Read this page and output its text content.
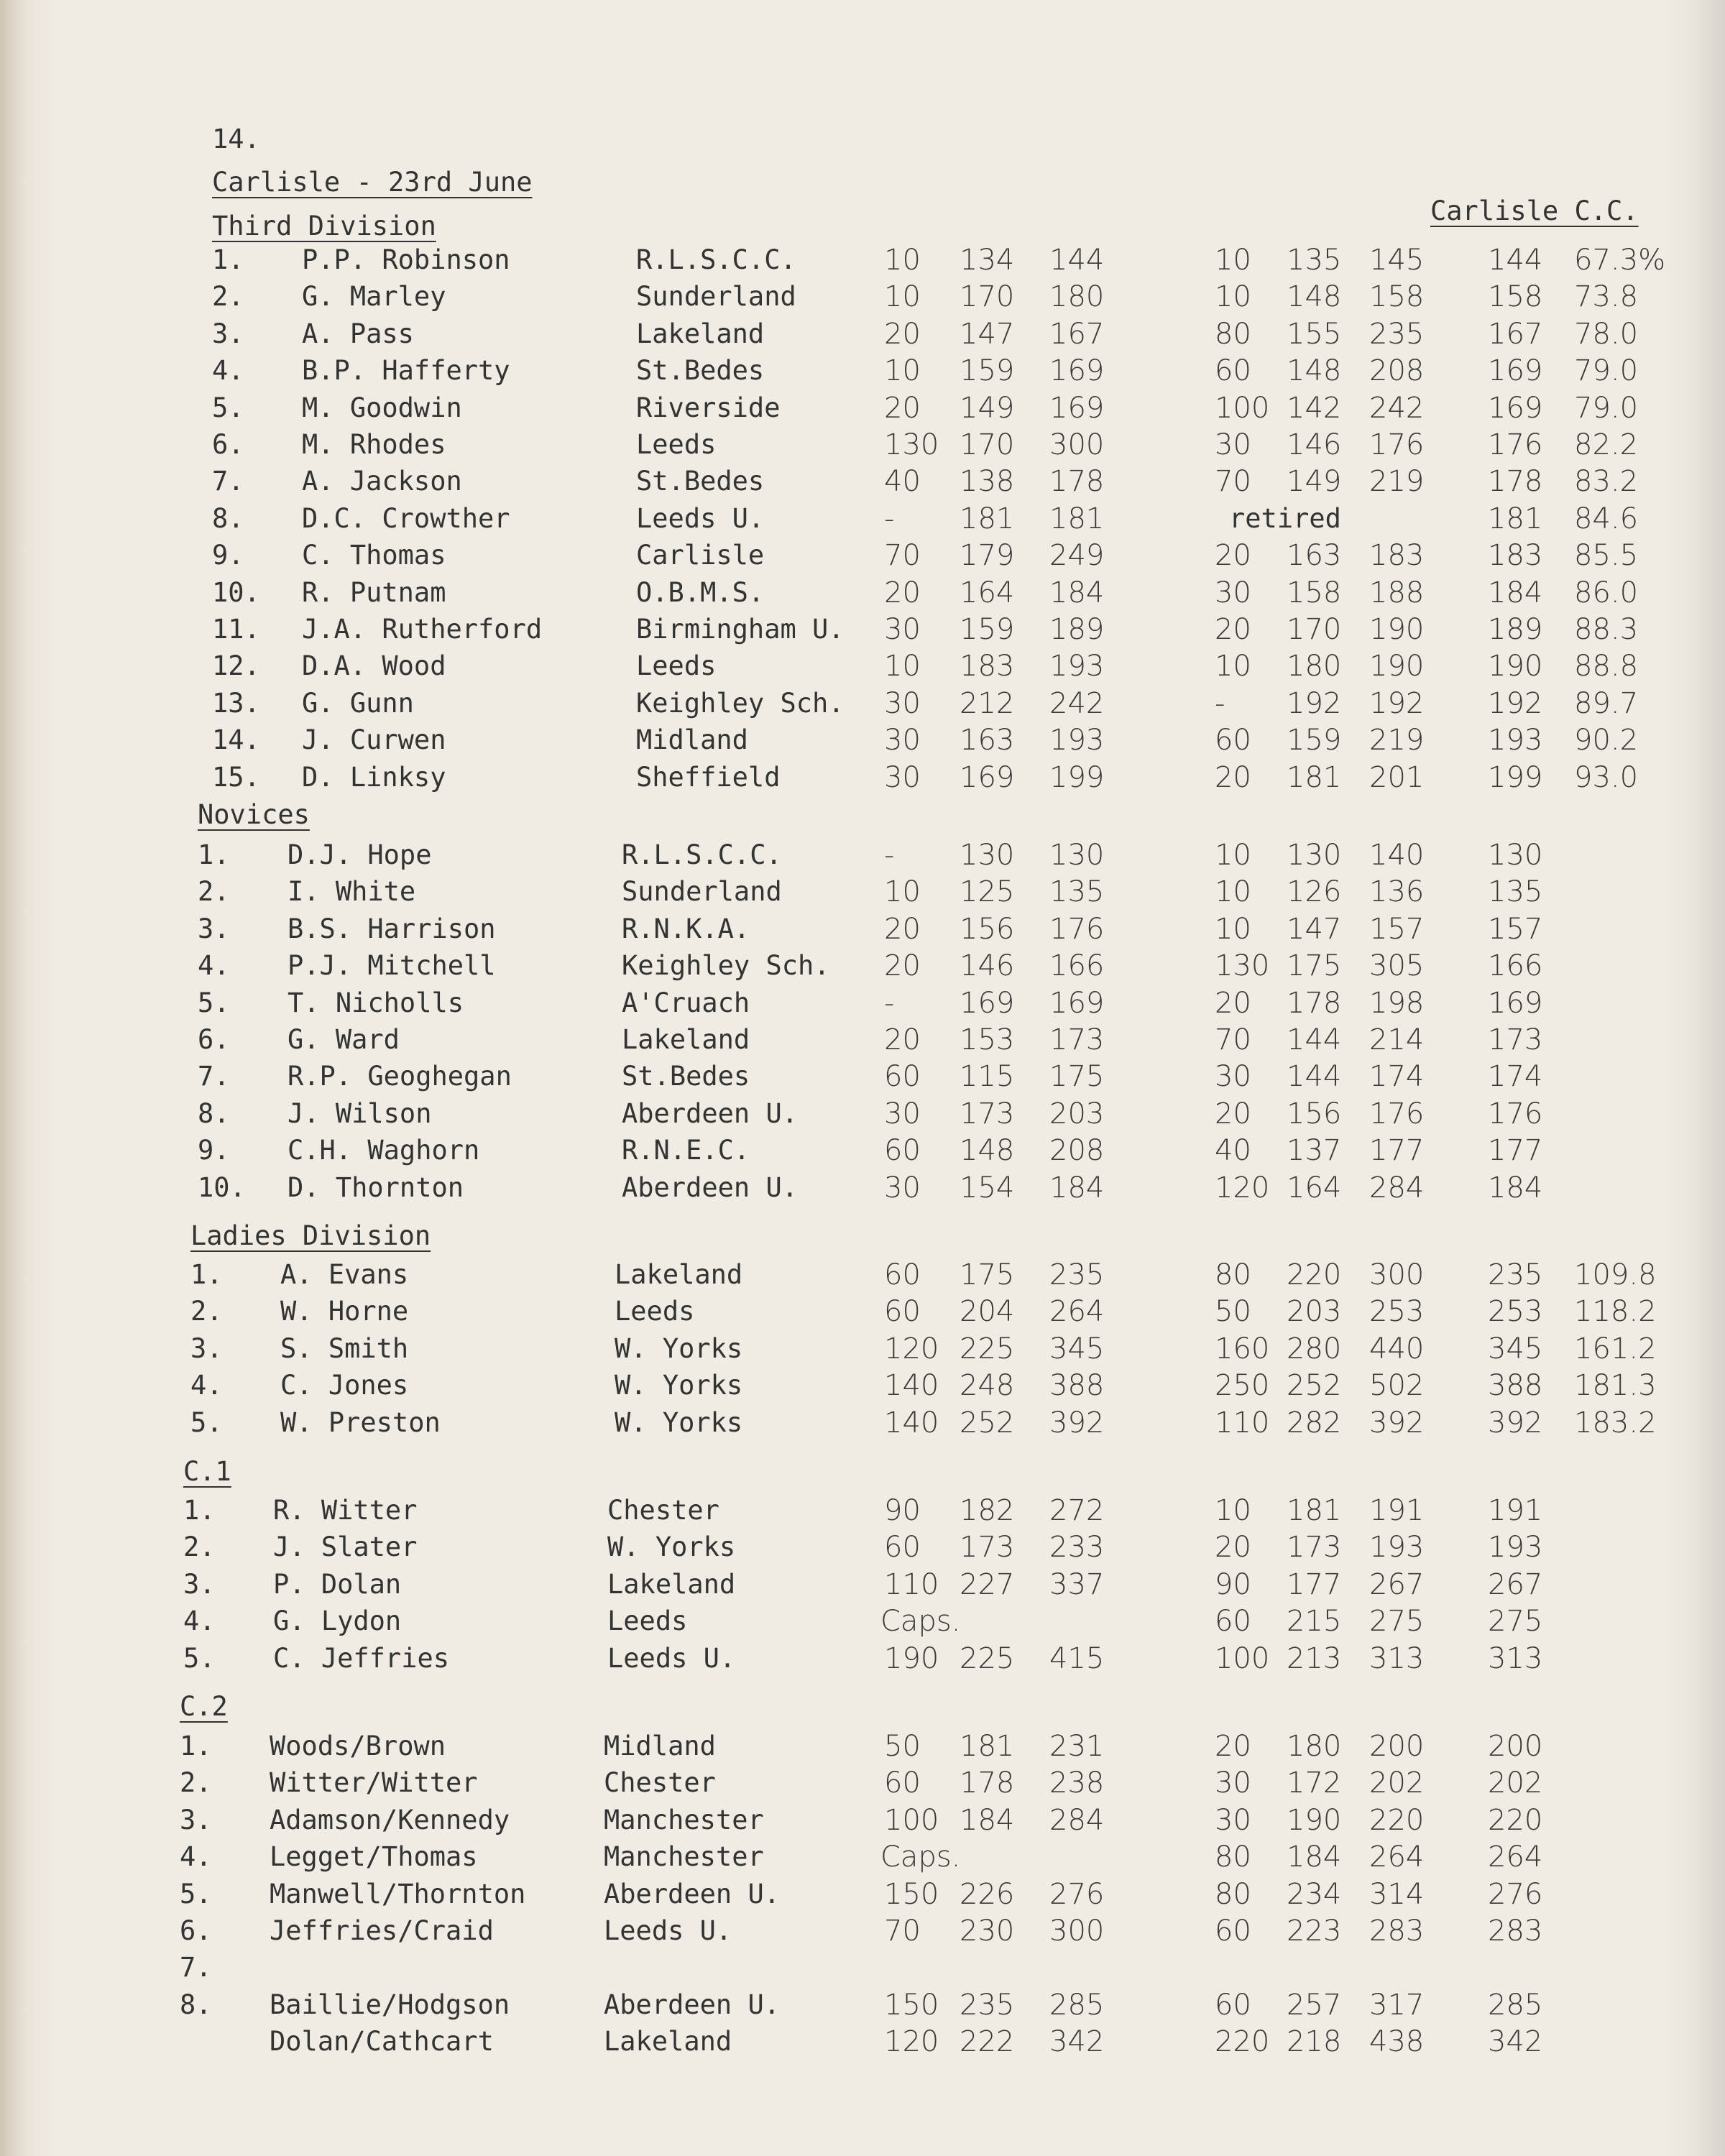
14.
Carlisle - 23rd June
Carlisle C.C.
Third Division
1. P.P. Robinson	R.L.S.C.C.	10 134 144	10 135 145 144 67.3%
2. G. Marley	Sunderland	10 170 180	10 148 158 158 73.8
3. A. Pass	Lakeland	20 147 167	80 155 235 167 78.0
4. B.P. Hafferty	St.Bedes	10 159 169	60 148 208 169 79.0
5. M. Goodwin	Riverside	20 149 169	100 142 242 169 79.0
6. M. Rhodes	Leeds	130 170 300	30 146 176 176 82.2
7. A. Jackson	St.Bedes	40 138 178	70 149 219 178 83.2
8. D.C. Crowther	Leeds U.	- 181 181	retired	181 84.6
9. C. Thomas	Carlisle	70 179 249	20 163 183 183 85.5
10. R. Putnam	O.B.M.S.	20 164 184	30 158 188 184 86.0
11. J.A. Rutherford	Birmingham U. 30 159 189	20 170 190 189 88.3
12. D.A. Wood	Leeds	10 183 193	10 180 190 190 88.8
13. G. Gunn	Keighley Sch. 30 212 242	- 192 192 192 89.7
14. J. Curwen	Midland	30 163 193	60 159 219 193 90.2
15. D. Linksy	Sheffield	30 169 199	20 181 201 199 93.0
Novices
1. D.J. Hope	R.L.S.C.C.	- 130 130	10 130 140 130
2. I. White	Sunderland	10 125 135	10 126 136 135
3. B.S. Harrison	R.N.K.A.	20 156 176	10 147 157 157
4. P.J. Mitchell	Keighley Sch. 20 146 166	130 175 305 166
5. T. Nicholls	A'Cruach	- 169 169	20 178 198 169
6. G. Ward	Lakeland	20 153 173	70 144 214 173
7. R.P. Geoghegan	St.Bedes	60 115 175	30 144 174 174
8. J. Wilson	Aberdeen U.	30 173 203	20 156 176 176
9. C.H. Waghorn	R.N.E.C.	60 148 208	40 137 177 177
10. D. Thornton	Aberdeen U.	30 154 184	120 164 284 184
Ladies Division
1. A. Evans	Lakeland	60 175 235	80 220 300 235 109.8
2. W. Horne	Leeds	60 204 264	50 203 253 253 118.2
3. S. Smith	W. Yorks	120 225 345	160 280 440 345 161.2
4. C. Jones	W. Yorks	140 248 388	250 252 502 388 181.3
5. W. Preston	W. Yorks	140 252 392	110 282 392 392 183.2
C.1
1. R. Witter	Chester	90 182 272	10 181 191 191
2. J. Slater	W. Yorks	60 173 233	20 173 193 193
3. P. Dolan	Lakeland	110 227 337	90 177 267 267
4. G. Lydon	Leeds	Caps.	60 215 275 275
5. C. Jeffries	Leeds U.	190 225 415	100 213 313 313
C.2
1. Woods/Brown	Midland	50 181 231	20 180 200 200
2. Witter/Witter	Chester	60 178 238	30 172 202 202
3. Adamson/Kennedy	Manchester	100 184 284	30 190 220 220
4. Legget/Thomas	Manchester	Caps.	80 184 264 264
5. Manwell/Thornton	Aberdeen U.	150 226 276	80 234 314 276
6. Jeffries/Craid	Leeds U.	70 230 300	60 223 283 283
7.
8. Baillie/Hodgson	Aberdeen U.	150 235 285	60 257 317 285
Dolan/Cathcart	Lakeland	120 222 342	220 218 438 342
